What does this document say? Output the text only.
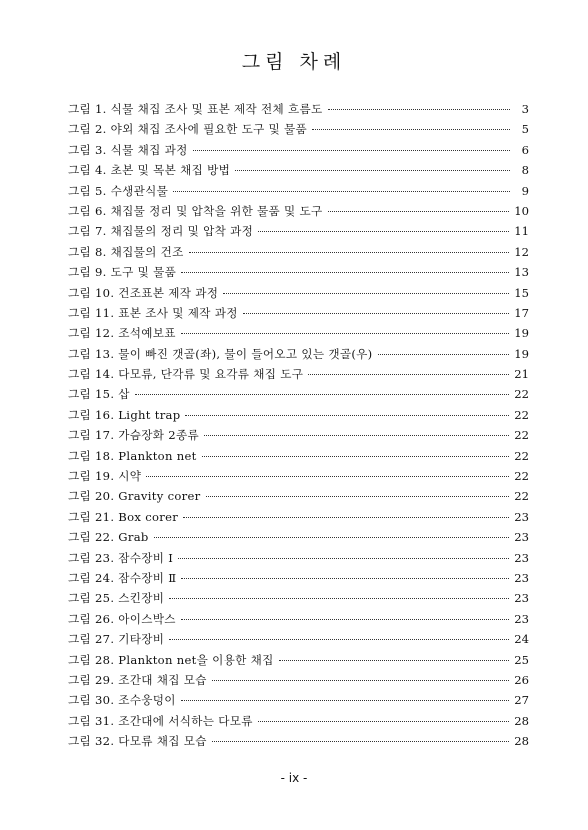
그림 차례
그림 1. 식물 채집 조사 및 표본 제작 전체 흐름도	3
그림 2. 야외 채집 조사에 필요한 도구 및 물품	5
그림 3. 식물 채집 과정	6
그림 4. 초본 및 목본 채집 방법	8
그림 5. 수생관식물	9
그림 6. 채집물 정리 및 압착을 위한 물품 및 도구	10
그림 7. 채집물의 정리 및 압착 과정	11
그림 8. 채집물의 건조	12
그림 9. 도구 및 물품	13
그림 10. 건조표본 제작 과정	15
그림 11. 표본 조사 및 제작 과정	17
그림 12. 조석예보표	19
그림 13. 물이 빠진 갯골(좌), 물이 들어오고 있는 갯골(우)	19
그림 14. 다모류, 단각류 및 요각류 채집 도구	21
그림 15. 삽	22
그림 16. Light trap	22
그림 17. 가슴장화 2종류	22
그림 18. Plankton net	22
그림 19. 시약	22
그림 20. Gravity corer	22
그림 21. Box corer	23
그림 22. Grab	23
그림 23. 잠수장비 Ⅰ	23
그림 24. 잠수장비 Ⅱ	23
그림 25. 스킨장비	23
그림 26. 아이스박스	23
그림 27. 기타장비	24
그림 28. Plankton net을 이용한 채집	25
그림 29. 조간대 채집 모습	26
그림 30. 조수웅덩이	27
그림 31. 조간대에 서식하는 다모류	28
그림 32. 다모류 채집 모습	28
- ix -
